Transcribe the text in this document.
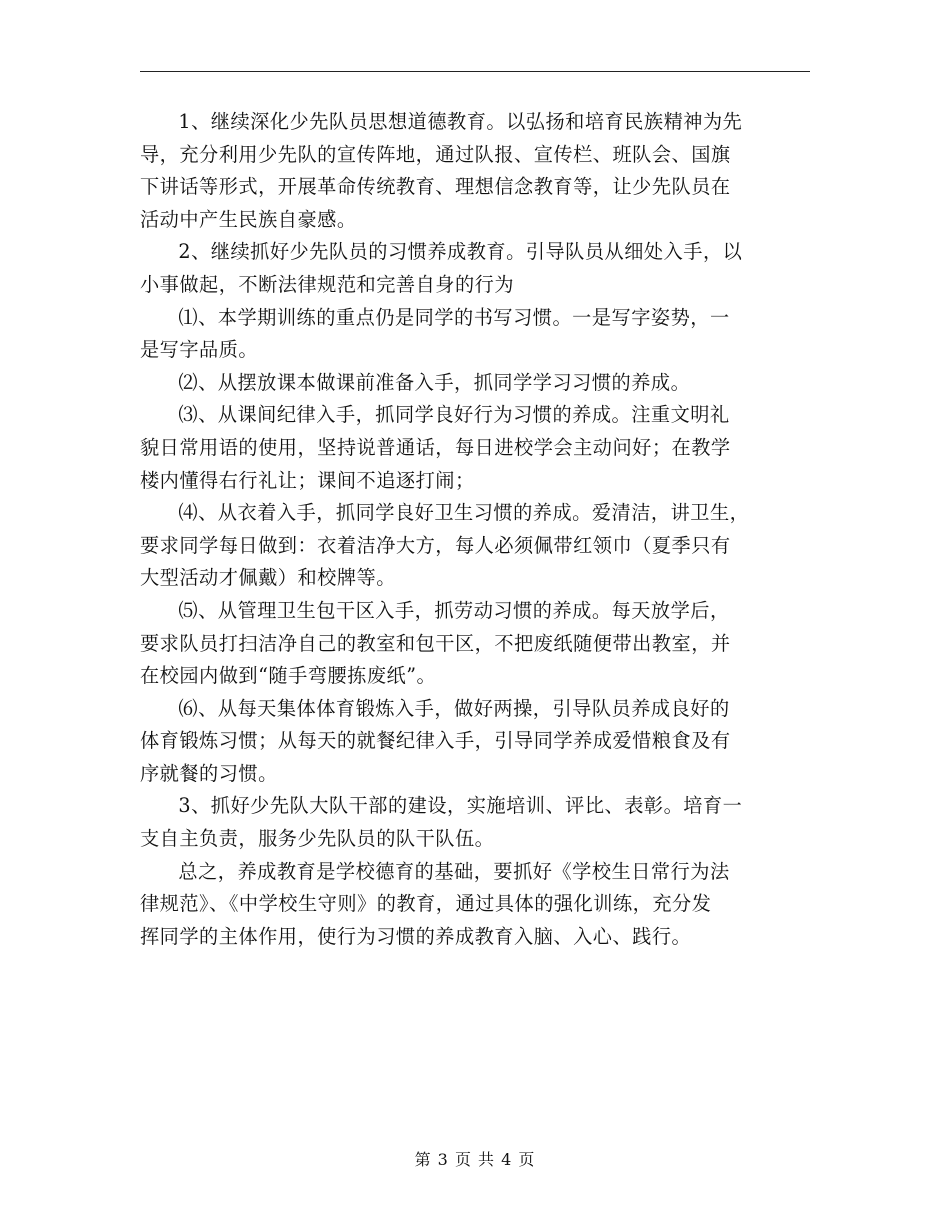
1、继续深化少先队员思想道德教育。以弘扬和培育民族精神为先
导，充分利用少先队的宣传阵地，通过队报、宣传栏、班队会、国旗
下讲话等形式，开展革命传统教育、理想信念教育等，让少先队员在
活动中产生民族自豪感。

2、继续抓好少先队员的习惯养成教育。引导队员从细处入手，以
小事做起，不断法律规范和完善自身的行为

⑴、本学期训练的重点仍是同学的书写习惯。一是写字姿势，一
是写字品质。

⑵、从摆放课本做课前准备入手，抓同学学习习惯的养成。

⑶、从课间纪律入手，抓同学良好行为习惯的养成。注重文明礼
貌日常用语的使用，坚持说普通话，每日进校学会主动问好；在教学
楼内懂得右行礼让；课间不追逐打闹；

⑷、从衣着入手，抓同学良好卫生习惯的养成。爱清洁，讲卫生，
要求同学每日做到：衣着洁净大方，每人必须佩带红领巾（夏季只有
大型活动才佩戴）和校牌等。

⑸、从管理卫生包干区入手，抓劳动习惯的养成。每天放学后，
要求队员打扫洁净自己的教室和包干区，不把废纸随便带出教室，并
在校园内做到“随手弯腰拣废纸”。

⑹、从每天集体体育锻炼入手，做好两操，引导队员养成良好的
体育锻炼习惯；从每天的就餐纪律入手，引导同学养成爱惜粮食及有
序就餐的习惯。

3、抓好少先队大队干部的建设，实施培训、评比、表彰。培育一
支自主负责，服务少先队员的队干队伍。

总之，养成教育是学校德育的基础，要抓好《学校生日常行为法
律规范》、《中学校生守则》的教育，通过具体的强化训练，充分发
挥同学的主体作用，使行为习惯的养成教育入脑、入心、践行。

第 3 页 共 4 页
